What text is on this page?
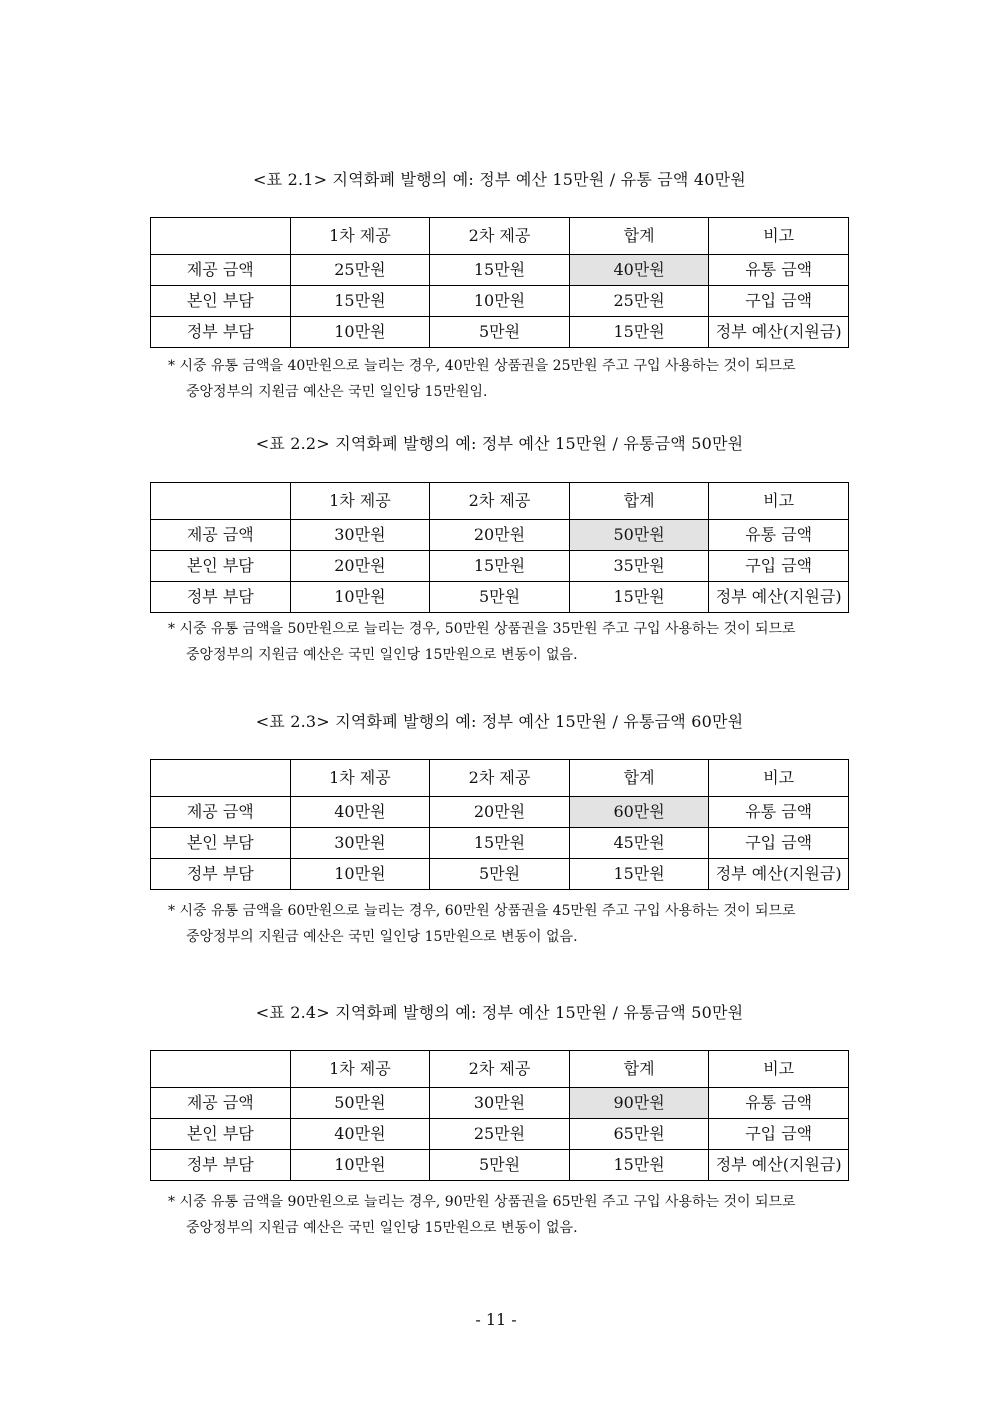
<표 2.1> 지역화폐 발행의 예: 정부 예산 15만원 / 유통 금액 40만원
	1차 제공	2차 제공	합계	비고
제공 금액	25만원	15만원	40만원	유통 금액
본인 부담	15만원	10만원	25만원	구입 금액
정부 부담	10만원	5만원	15만원	정부 예산(지원금)
* 시중 유통 금액을 40만원으로 늘리는 경우, 40만원 상품권을 25만원 주고 구입 사용하는 것이 되므로
중앙정부의 지원금 예산은 국민 일인당 15만원임.
<표 2.2> 지역화폐 발행의 예: 정부 예산 15만원 / 유통금액 50만원
	1차 제공	2차 제공	합계	비고
제공 금액	30만원	20만원	50만원	유통 금액
본인 부담	20만원	15만원	35만원	구입 금액
정부 부담	10만원	5만원	15만원	정부 예산(지원금)
* 시중 유통 금액을 50만원으로 늘리는 경우, 50만원 상품권을 35만원 주고 구입 사용하는 것이 되므로
중앙정부의 지원금 예산은 국민 일인당 15만원으로 변동이 없음.
<표 2.3> 지역화폐 발행의 예: 정부 예산 15만원 / 유통금액 60만원
	1차 제공	2차 제공	합계	비고
제공 금액	40만원	20만원	60만원	유통 금액
본인 부담	30만원	15만원	45만원	구입 금액
정부 부담	10만원	5만원	15만원	정부 예산(지원금)
* 시중 유통 금액을 60만원으로 늘리는 경우, 60만원 상품권을 45만원 주고 구입 사용하는 것이 되므로
중앙정부의 지원금 예산은 국민 일인당 15만원으로 변동이 없음.
<표 2.4> 지역화폐 발행의 예: 정부 예산 15만원 / 유통금액 50만원
	1차 제공	2차 제공	합계	비고
제공 금액	50만원	30만원	90만원	유통 금액
본인 부담	40만원	25만원	65만원	구입 금액
정부 부담	10만원	5만원	15만원	정부 예산(지원금)
* 시중 유통 금액을 90만원으로 늘리는 경우, 90만원 상품권을 65만원 주고 구입 사용하는 것이 되므로
중앙정부의 지원금 예산은 국민 일인당 15만원으로 변동이 없음.
- 11 -
